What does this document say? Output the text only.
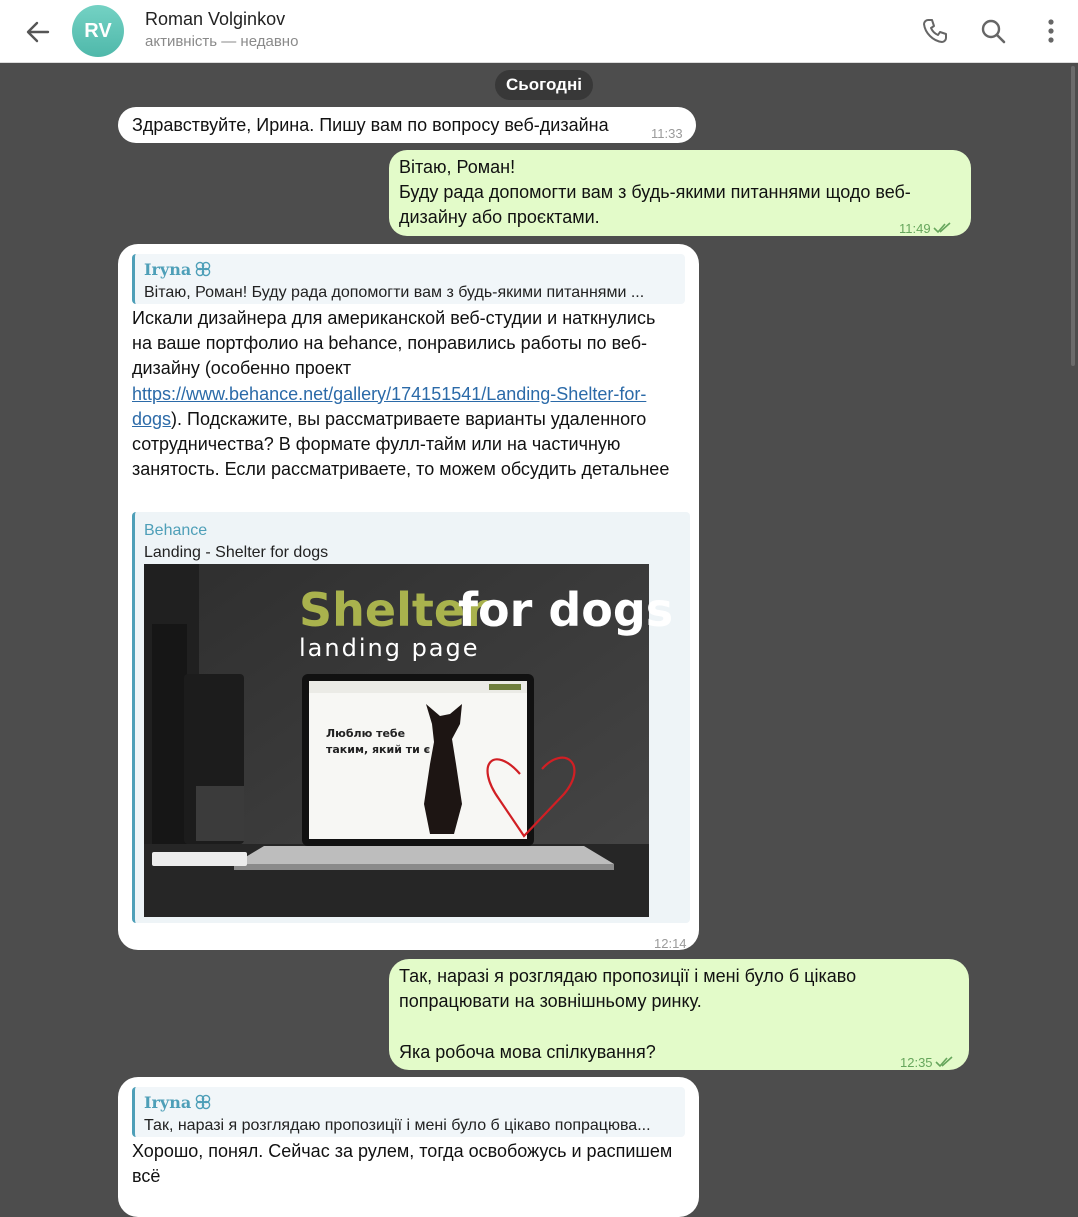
RV
Roman Volginkov
активність — недавно
Сьогодні
Здравствуйте, Ирина. Пишу вам по вопросу веб-дизайна	11:33
Вітаю, Роман!
Буду рада допомогти вам з будь-якими питаннями щодо веб-дизайну або проєктами.
11:49
Iryna
Вітаю, Роман! Буду рада допомогти вам з будь-якими питаннями ...
Искали дизайнера для американской веб-студии и наткнулись на ваше портфолио на behance, понравились работы по веб-дизайну (особенно проект https://www.behance.net/gallery/174151541/Landing-Shelter-for-dogs). Подскажите, вы рассматриваете варианты удаленного сотрудничества? В формате фулл-тайм или на частичную занятость. Если рассматриваете, то можем обсудить детальнее
Behance
Landing - Shelter for dogs
Shelter
for dogs
landing page
Люблю тебе
таким, який ти є
12:14
Так, наразі я розглядаю пропозиції і мені було б цікаво попрацювати на зовнішньому ринку.

Яка робоча мова спілкування?
12:35
Iryna
Так, наразі я розглядаю пропозиції і мені було б цікаво попрацюва...
Хорошо, понял. Сейчас за рулем, тогда освобожусь и распишем всё
